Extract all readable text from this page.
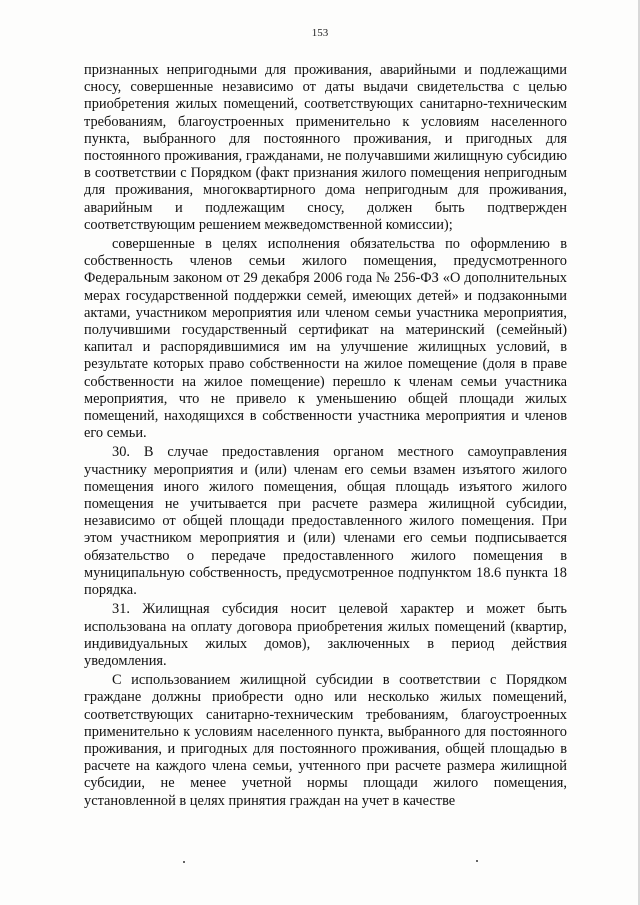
153

признанных непригодными для проживания, аварийными и подлежащими сносу, совершенные независимо от даты выдачи свидетельства с целью приобретения жилых помещений, соответствующих санитарно-техническим требованиям, благоустроенных применительно к условиям населенного пункта, выбранного для постоянного проживания, и пригодных для постоянного проживания, гражданами, не получавшими жилищную субсидию в соответствии с Порядком (факт признания жилого помещения непригодным для проживания, многоквартирного дома непригодным для проживания, аварийным и подлежащим сносу, должен быть подтвержден соответствующим решением межведомственной комиссии);

совершенные в целях исполнения обязательства по оформлению в собственность членов семьи жилого помещения, предусмотренного Федеральным законом от 29 декабря 2006 года № 256-ФЗ «О дополнительных мерах государственной поддержки семей, имеющих детей» и подзаконными актами, участником мероприятия или членом семьи участника мероприятия, получившими государственный сертификат на материнский (семейный) капитал и распорядившимися им на улучшение жилищных условий, в результате которых право собственности на жилое помещение (доля в праве собственности на жилое помещение) перешло к членам семьи участника мероприятия, что не привело к уменьшению общей площади жилых помещений, находящихся в собственности участника мероприятия и членов его семьи.

30. В случае предоставления органом местного самоуправления участнику мероприятия и (или) членам его семьи взамен изъятого жилого помещения иного жилого помещения, общая площадь изъятого жилого помещения не учитывается при расчете размера жилищной субсидии, независимо от общей площади предоставленного жилого помещения. При этом участником мероприятия и (или) членами его семьи подписывается обязательство о передаче предоставленного жилого помещения в муниципальную собственность, предусмотренное подпунктом 18.6 пункта 18 порядка.

31. Жилищная субсидия носит целевой характер и может быть использована на оплату договора приобретения жилых помещений (квартир, индивидуальных жилых домов), заключенных в период действия уведомления.

С использованием жилищной субсидии в соответствии с Порядком граждане должны приобрести одно или несколько жилых помещений, соответствующих санитарно-техническим требованиям, благоустроенных применительно к условиям населенного пункта, выбранного для постоянного проживания, и пригодных для постоянного проживания, общей площадью в расчете на каждого члена семьи, учтенного при расчете размера жилищной субсидии, не менее учетной нормы площади жилого помещения, установленной в целях принятия граждан на учет в качестве
